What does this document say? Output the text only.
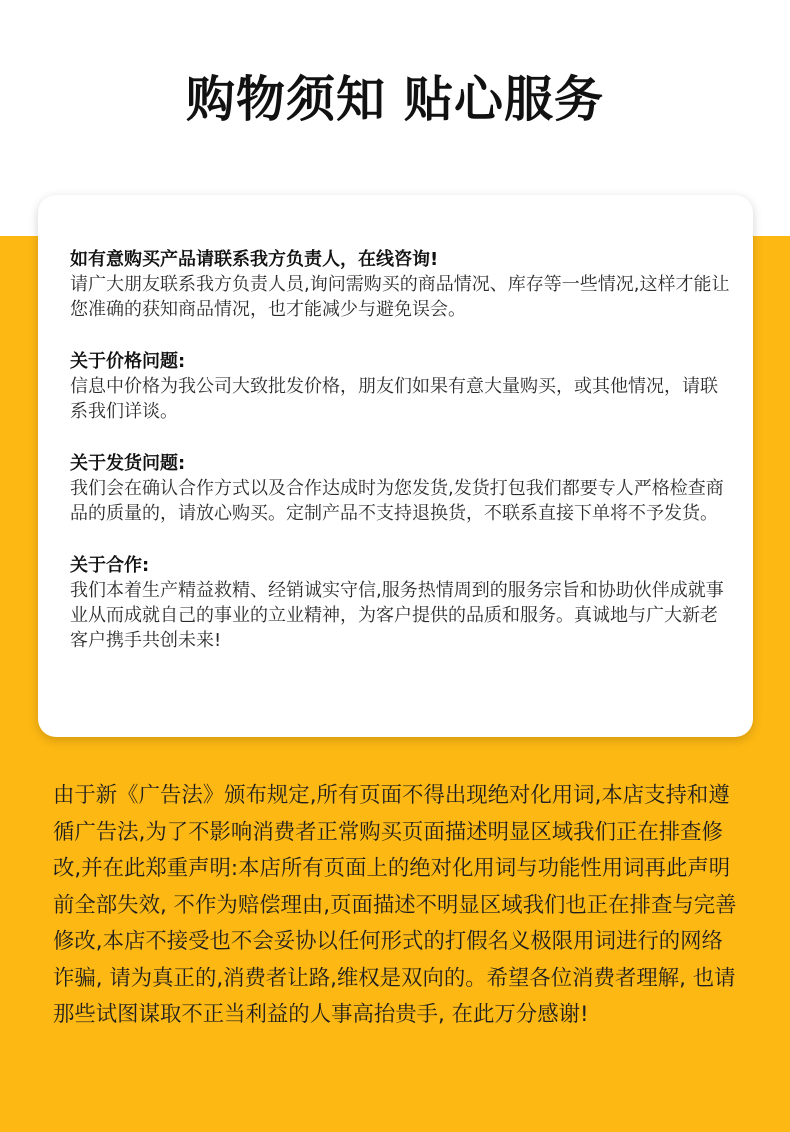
购物须知 贴心服务

如有意购买产品请联系我方负责人，在线咨询!

请广大朋友联系我方负责人员,询问需购买的商品情况、库存等一些情况,这样才能让您准确的获知商品情况，也才能减少与避免误会。

关于价格问题:

信息中价格为我公司大致批发价格，朋友们如果有意大量购买，或其他情况，请联系我们详谈。

关于发货问题:

我们会在确认合作方式以及合作达成时为您发货,发货打包我们都要专人严格检查商品的质量的，请放心购买。定制产品不支持退换货，不联系直接下单将不予发货。

关于合作:

我们本着生产精益救精、经销诚实守信,服务热情周到的服务宗旨和协助伙伴成就事业从而成就自己的事业的立业精神，为客户提供的品质和服务。真诚地与广大新老客户携手共创未来!

由于新《广告法》颁布规定,所有页面不得出现绝对化用词,本店支持和遵循广告法,为了不影响消费者正常购买页面描述明显区域我们正在排查修改,并在此郑重声明:本店所有页面上的绝对化用词与功能性用词再此声明前全部失效, 不作为赔偿理由,页面描述不明显区域我们也正在排查与完善修改,本店不接受也不会妥协以任何形式的打假名义极限用词进行的网络诈骗, 请为真正的,消费者让路,维权是双向的。希望各位消费者理解, 也请那些试图谋取不正当利益的人事高抬贵手, 在此万分感谢!
